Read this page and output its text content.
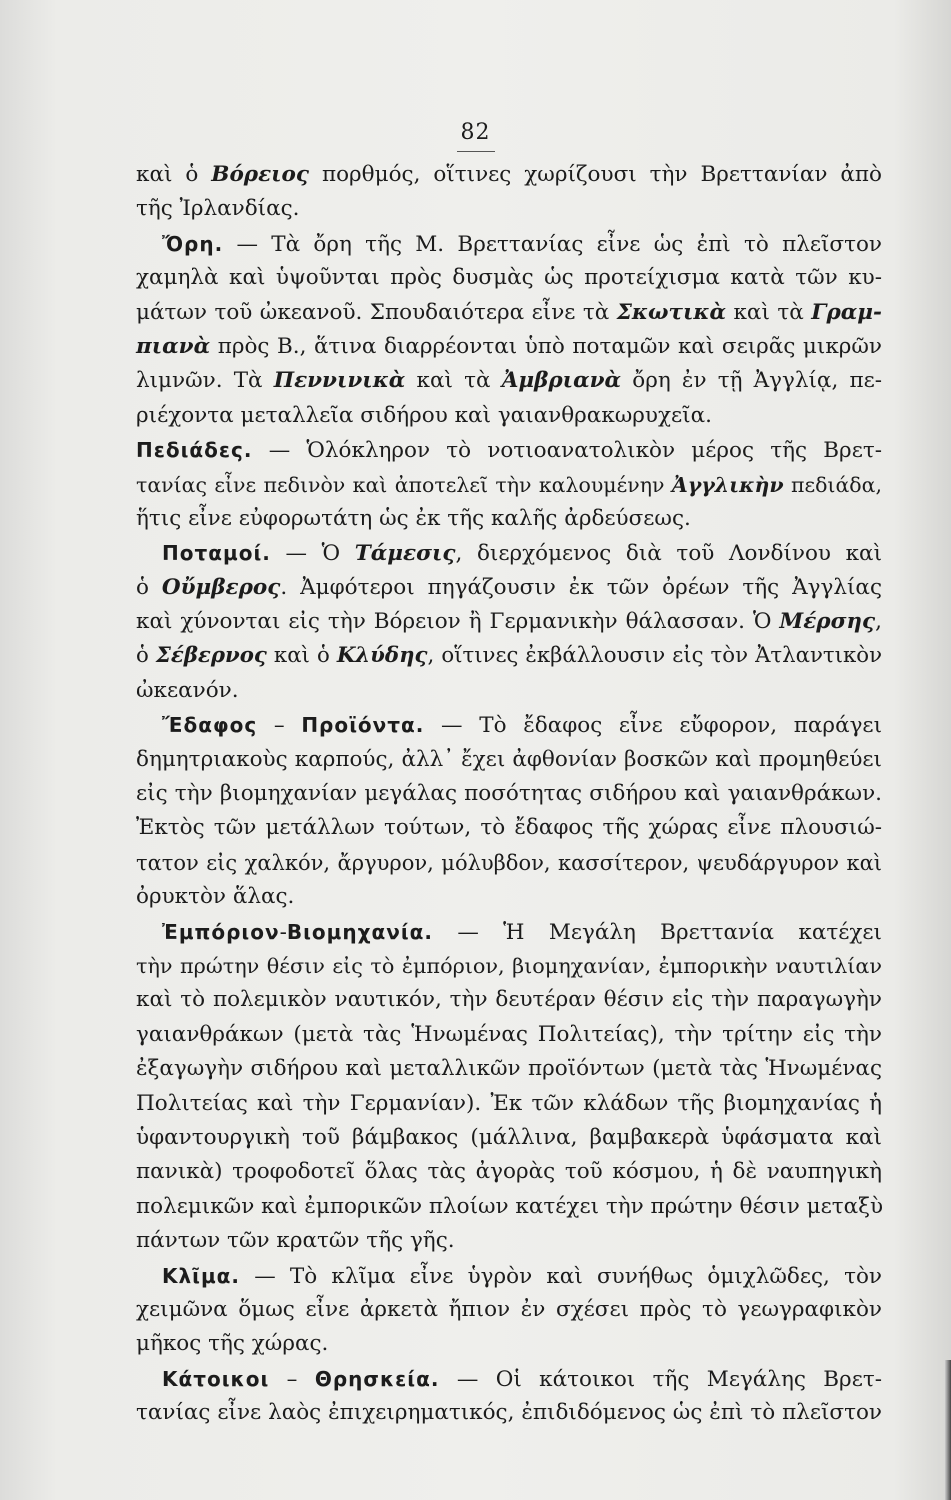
82
καὶ ὁ Βόρειος πορθμός, οἵτινες χωρίζουσι τὴν Βρεττανίαν ἀπὸ
τῆς Ἰρλανδίας.
Ὄρη. — Τὰ ὄρη τῆς Μ. Βρεττανίας εἶνε ὡς ἐπὶ τὸ πλεῖστον
χαμηλὰ καὶ ὑψοῦνται πρὸς δυσμὰς ὡς προτείχισμα κατὰ τῶν κυ-
μάτων τοῦ ὠκεανοῦ. Σπουδαιότερα εἶνε τὰ Σκωτικὰ καὶ τὰ Γραμ-
πιανὰ πρὸς Β., ἅτινα διαρρέονται ὑπὸ ποταμῶν καὶ σειρᾶς μικρῶν
λιμνῶν. Τὰ Πεννινικὰ καὶ τὰ Ἀμβριανὰ ὄρη ἐν τῇ Ἀγγλίᾳ, πε-
ριέχοντα μεταλλεῖα σιδήρου καὶ γαιανθρακωρυχεῖα.
Πεδιάδες. — Ὁλόκληρον τὸ νοτιοανατολικὸν μέρος τῆς Βρετ-
τανίας εἶνε πεδινὸν καὶ ἀποτελεῖ τὴν καλουμένην Ἀγγλικὴν πεδιάδα,
ἥτις εἶνε εὐφορωτάτη ὡς ἐκ τῆς καλῆς ἀρδεύσεως.
Ποταμοί. — Ὁ Τάμεσις, διερχόμενος διὰ τοῦ Λονδίνου καὶ
ὁ Οὔμβερος. Ἀμφότεροι πηγάζουσιν ἐκ τῶν ὀρέων τῆς Ἀγγλίας
καὶ χύνονται εἰς τὴν Βόρειον ἢ Γερμανικὴν θάλασσαν. Ὁ Μέρσης,
ὁ Σέβερνος καὶ ὁ Κλύδης, οἵτινες ἐκβάλλουσιν εἰς τὸν Ἀτλαντικὸν
ὠκεανόν.
Ἔδαφος – Προϊόντα. — Τὸ ἔδαφος εἶνε εὔφορον, παράγει
δημητριακοὺς καρπούς, ἀλλ᾽ ἔχει ἀφθονίαν βοσκῶν καὶ προμηθεύει
εἰς τὴν βιομηχανίαν μεγάλας ποσότητας σιδήρου καὶ γαιανθράκων.
Ἐκτὸς τῶν μετάλλων τούτων, τὸ ἔδαφος τῆς χώρας εἶνε πλουσιώ-
τατον εἰς χαλκόν, ἄργυρον, μόλυβδον, κασσίτερον, ψευδάργυρον καὶ
ὀρυκτὸν ἅλας.
Ἐμπόριον-Βιομηχανία. — Ἡ Μεγάλη Βρεττανία κατέχει
τὴν πρώτην θέσιν εἰς τὸ ἐμπόριον, βιομηχανίαν, ἐμπορικὴν ναυτιλίαν
καὶ τὸ πολεμικὸν ναυτικόν, τὴν δευτέραν θέσιν εἰς τὴν παραγωγὴν
γαιανθράκων (μετὰ τὰς Ἡνωμένας Πολιτείας), τὴν τρίτην εἰς τὴν
ἐξαγωγὴν σιδήρου καὶ μεταλλικῶν προϊόντων (μετὰ τὰς Ἡνωμένας
Πολιτείας καὶ τὴν Γερμανίαν). Ἐκ τῶν κλάδων τῆς βιομηχανίας ἡ
ὑφαντουργικὴ τοῦ βάμβακος (μάλλινα, βαμβακερὰ ὑφάσματα καὶ
πανικὰ) τροφοδοτεῖ ὅλας τὰς ἀγορὰς τοῦ κόσμου, ἡ δὲ ναυπηγικὴ
πολεμικῶν καὶ ἐμπορικῶν πλοίων κατέχει τὴν πρώτην θέσιν μεταξὺ
πάντων τῶν κρατῶν τῆς γῆς.
Κλῖμα. — Τὸ κλῖμα εἶνε ὑγρὸν καὶ συνήθως ὁμιχλῶδες, τὸν
χειμῶνα ὅμως εἶνε ἀρκετὰ ἤπιον ἐν σχέσει πρὸς τὸ γεωγραφικὸν
μῆκος τῆς χώρας.
Κάτοικοι – Θρησκεία. — Οἱ κάτοικοι τῆς Μεγάλης Βρετ-
τανίας εἶνε λαὸς ἐπιχειρηματικός, ἐπιδιδόμενος ὡς ἐπὶ τὸ πλεῖστον
